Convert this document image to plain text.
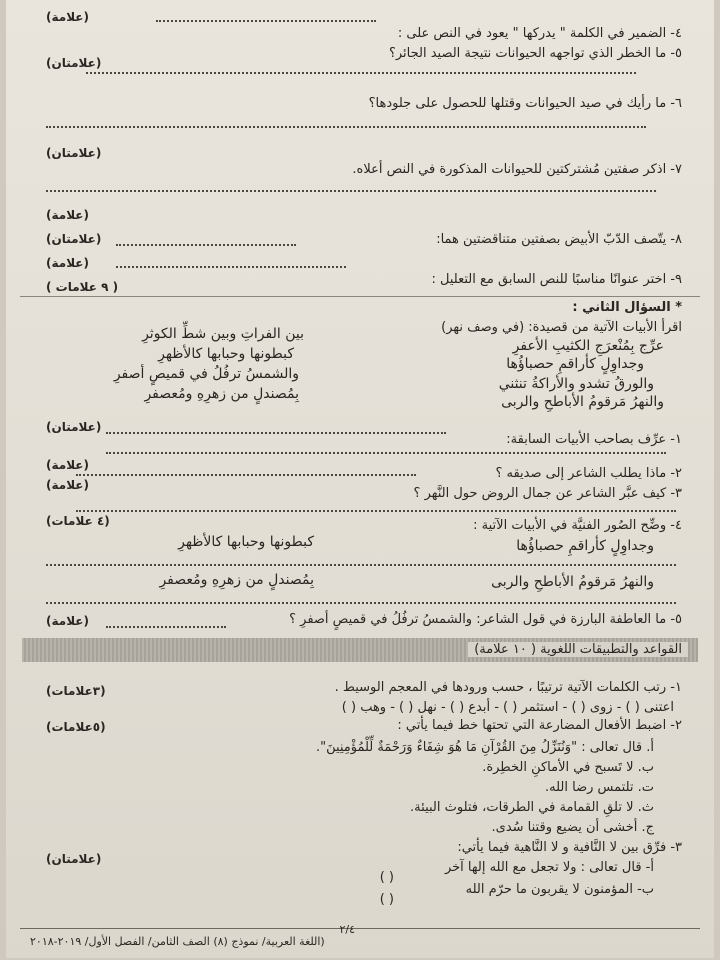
٤- الضمير في الكلمة " يدركها " يعود في النص على :
(علامة)
٥- ما الخطر الذي تواجهه الحيوانات نتيجة الصيد الجائر؟
(علامتان)
٦- ما رأيك في صيد الحيوانات وقتلها للحصول على جلودها؟
(علامتان)
٧- اذكر صفتين مُشتركتين للحيوانات المذكورة في النص أعلاه.
(علامة)
٨- يتّصف الدّبّ الأبيض بصفتين متناقضتين هما:
(علامتان)
(علامة)
٩- اختر عنوانًا مناسبًا للنص السابق مع التعليل :
( ٩ علامات )
* السؤال الثاني :
اقرأ الأبيات الآتية من قصيدة: (في وصف نهر)
عرِّج بِمُنْعرَجِ الكثيبِ الأعفرِ
وجداوِلٍ كأراقمِ حصباؤُها
والورقُ تشدو والأراكةُ تنثني
والنهرُ مَرقومُ الأباطحِ والربى
بين الفراتِ وبين شطِّ الكوثرِ
كبطونها وحبابها كالأظهرِ
والشمسُ ترفُلُ في قميصٍ أصفرِ
بِمُصندلٍ من زهرِهِ ومُعصفرِ
١- عرِّف بصاحب الأبيات السابقة:
(علامتان)
٢- ماذا يطلب الشاعر إلى صديقه ؟
(علامة)
٣- كيف عبَّر الشاعر عن جمال الروض حول النَّهر ؟
(علامة)
٤- وضِّح الصُور الفنيَّة في الأبيات الآتية :
(٤ علامات)
وجداوِلٍ كأراقمِ حصباؤُها
كبطونها وحبابها كالأظهرِ
والنهرُ مَرقومُ الأباطحِ والربى
بِمُصندلٍ من زهرِهِ ومُعصفرِ
٥- ما العاطفة البارزة في قول الشاعر: والشمسُ ترفُلُ في قميصٍ أصفرِ ؟
(علامة)
القواعد والتطبيقات اللغوية ( ١٠ علامة)
١- رتب الكلمات الآتية ترتيبًا ، حسب ورودها في المعجم الوسيط .
(٣علامات)
اعتنى ( ) - زوى ( ) - استثمر ( ) - أبدع ( ) - نهل ( ) - وهب ( )
٢- اضبط الأفعال المضارعة التي تحتها خط فيما يأتي :
(٥علامات)
أ. قال تعالى : "وَنُنَزِّلُ مِنَ القُرْآنِ مَا هُوَ شِفَاءٌ وَرَحْمَةٌ لِّلْمُؤْمِنِينَ".
ب. لا تَسبح في الأماكنِ الخطِرة.
ت. تلتمس رضا الله.
ث. لا تلقِ القمامة في الطرقات، فتلوث البيئة.
ج. أخشى أن يضيع وقتنا سُدى.
٣- فرِّق بين لا النَّافية و لا النَّاهية فيما يأتي:
(علامتان)
أ- قال تعالى : ولا تجعل مع الله إلها آخر
( )
ب- المؤمنون لا يقربون ما حرّم الله
( )
(اللغة العربية/ نموذج (٨) الصف الثامن/ الفصل الأول/ ٢٠١٩-٢٠١٨
٢/٤
